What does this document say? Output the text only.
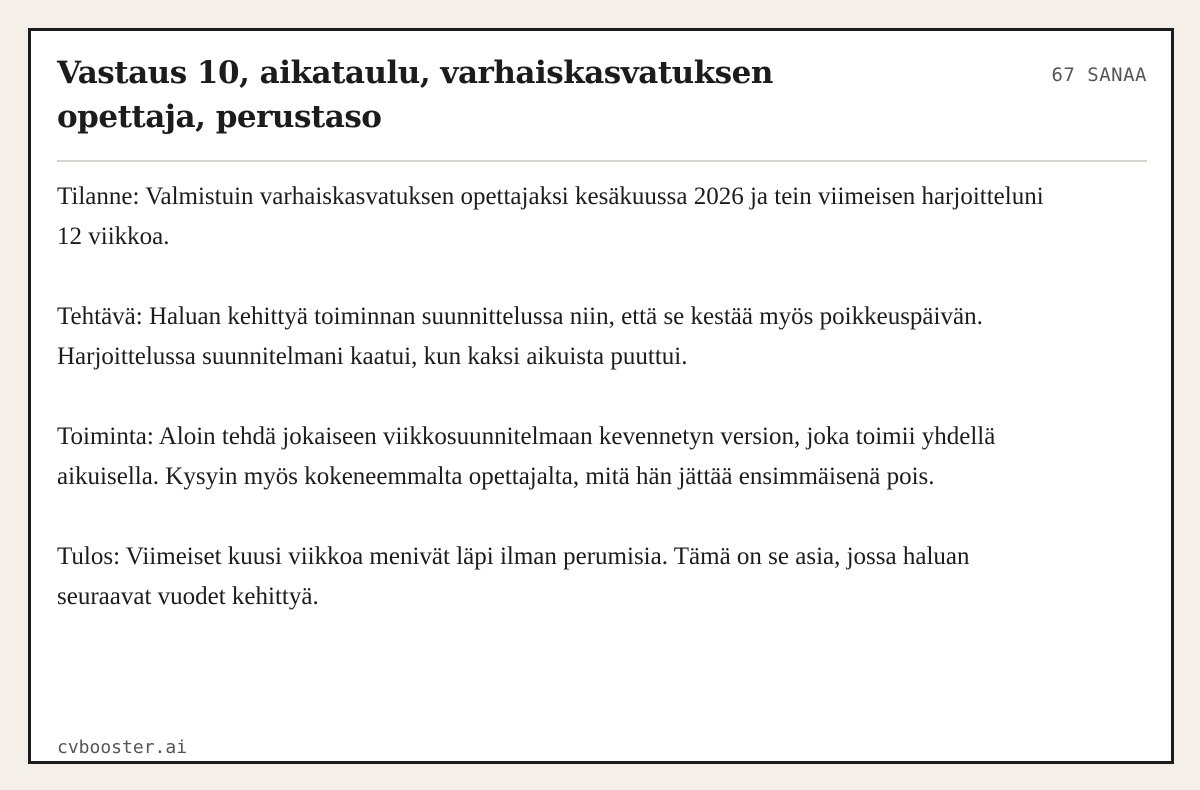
Vastaus 10, aikataulu, varhaiskasvatuksen opettaja, perustaso
67 SANAA

Tilanne: Valmistuin varhaiskasvatuksen opettajaksi kesäkuussa 2026 ja tein viimeisen harjoitteluni 12 viikkoa.

Tehtävä: Haluan kehittyä toiminnan suunnittelussa niin, että se kestää myös poikkeuspäivän. Harjoittelussa suunnitelmani kaatui, kun kaksi aikuista puuttui.

Toiminta: Aloin tehdä jokaiseen viikkosuunnitelmaan kevennetyn version, joka toimii yhdellä aikuisella. Kysyin myös kokeneemmalta opettajalta, mitä hän jättää ensimmäisenä pois.

Tulos: Viimeiset kuusi viikkoa menivät läpi ilman perumisia. Tämä on se asia, jossa haluan seuraavat vuodet kehittyä.

cvbooster.ai
